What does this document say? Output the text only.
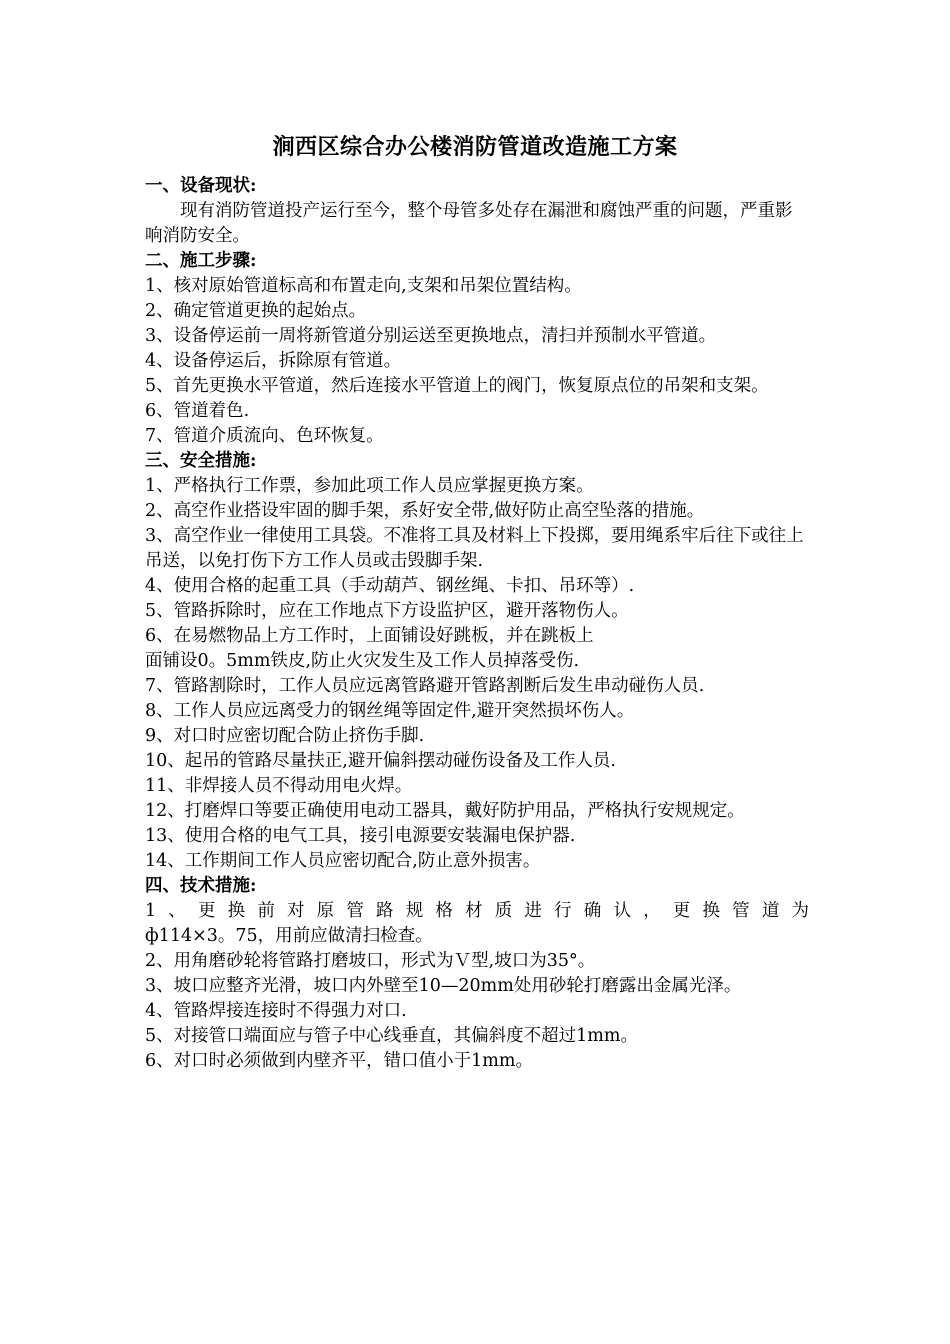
涧西区综合办公楼消防管道改造施工方案

一、设备现状:

现有消防管道投产运行至今，整个母管多处存在漏泄和腐蚀严重的问题，严重影响消防安全。

二、施工步骤:

1、核对原始管道标高和布置走向,支架和吊架位置结构。

2、确定管道更换的起始点。

3、设备停运前一周将新管道分别运送至更换地点，清扫并预制水平管道。

4、设备停运后，拆除原有管道。

5、首先更换水平管道，然后连接水平管道上的阀门，恢复原点位的吊架和支架。

6、管道着色.

7、管道介质流向、色环恢复。

三、安全措施:

1、严格执行工作票，参加此项工作人员应掌握更换方案。

2、高空作业搭设牢固的脚手架，系好安全带,做好防止高空坠落的措施。

3、高空作业一律使用工具袋。不准将工具及材料上下投掷，要用绳系牢后往下或往上吊送，以免打伤下方工作人员或击毁脚手架.

4、使用合格的起重工具（手动葫芦、钢丝绳、卡扣、吊环等）.

5、管路拆除时，应在工作地点下方设监护区，避开落物伤人。

6、在易燃物品上方工作时，上面铺设好跳板，并在跳板上

面铺设0。5mm铁皮,防止火灾发生及工作人员掉落受伤.

7、管路割除时，工作人员应远离管路避开管路割断后发生串动碰伤人员.

8、工作人员应远离受力的钢丝绳等固定件,避开突然损坏伤人。

9、对口时应密切配合防止挤伤手脚.

10、起吊的管路尽量扶正,避开偏斜摆动碰伤设备及工作人员.

11、非焊接人员不得动用电火焊。

12、打磨焊口等要正确使用电动工器具，戴好防护用品，严格执行安规规定。

13、使用合格的电气工具，接引电源要安装漏电保护器.

14、工作期间工作人员应密切配合,防止意外损害。

四、技术措施:

1、更换前对原管路规格材质进行确认，更换管道为

ф114×3。75，用前应做清扫检查。

2、用角磨砂轮将管路打磨坡口，形式为Ｖ型,坡口为35°。

3、坡口应整齐光滑，坡口内外壁至10—20mm处用砂轮打磨露出金属光泽。

4、管路焊接连接时不得强力对口.

5、对接管口端面应与管子中心线垂直，其偏斜度不超过1mm。

6、对口时必须做到内壁齐平，错口值小于1mm。
